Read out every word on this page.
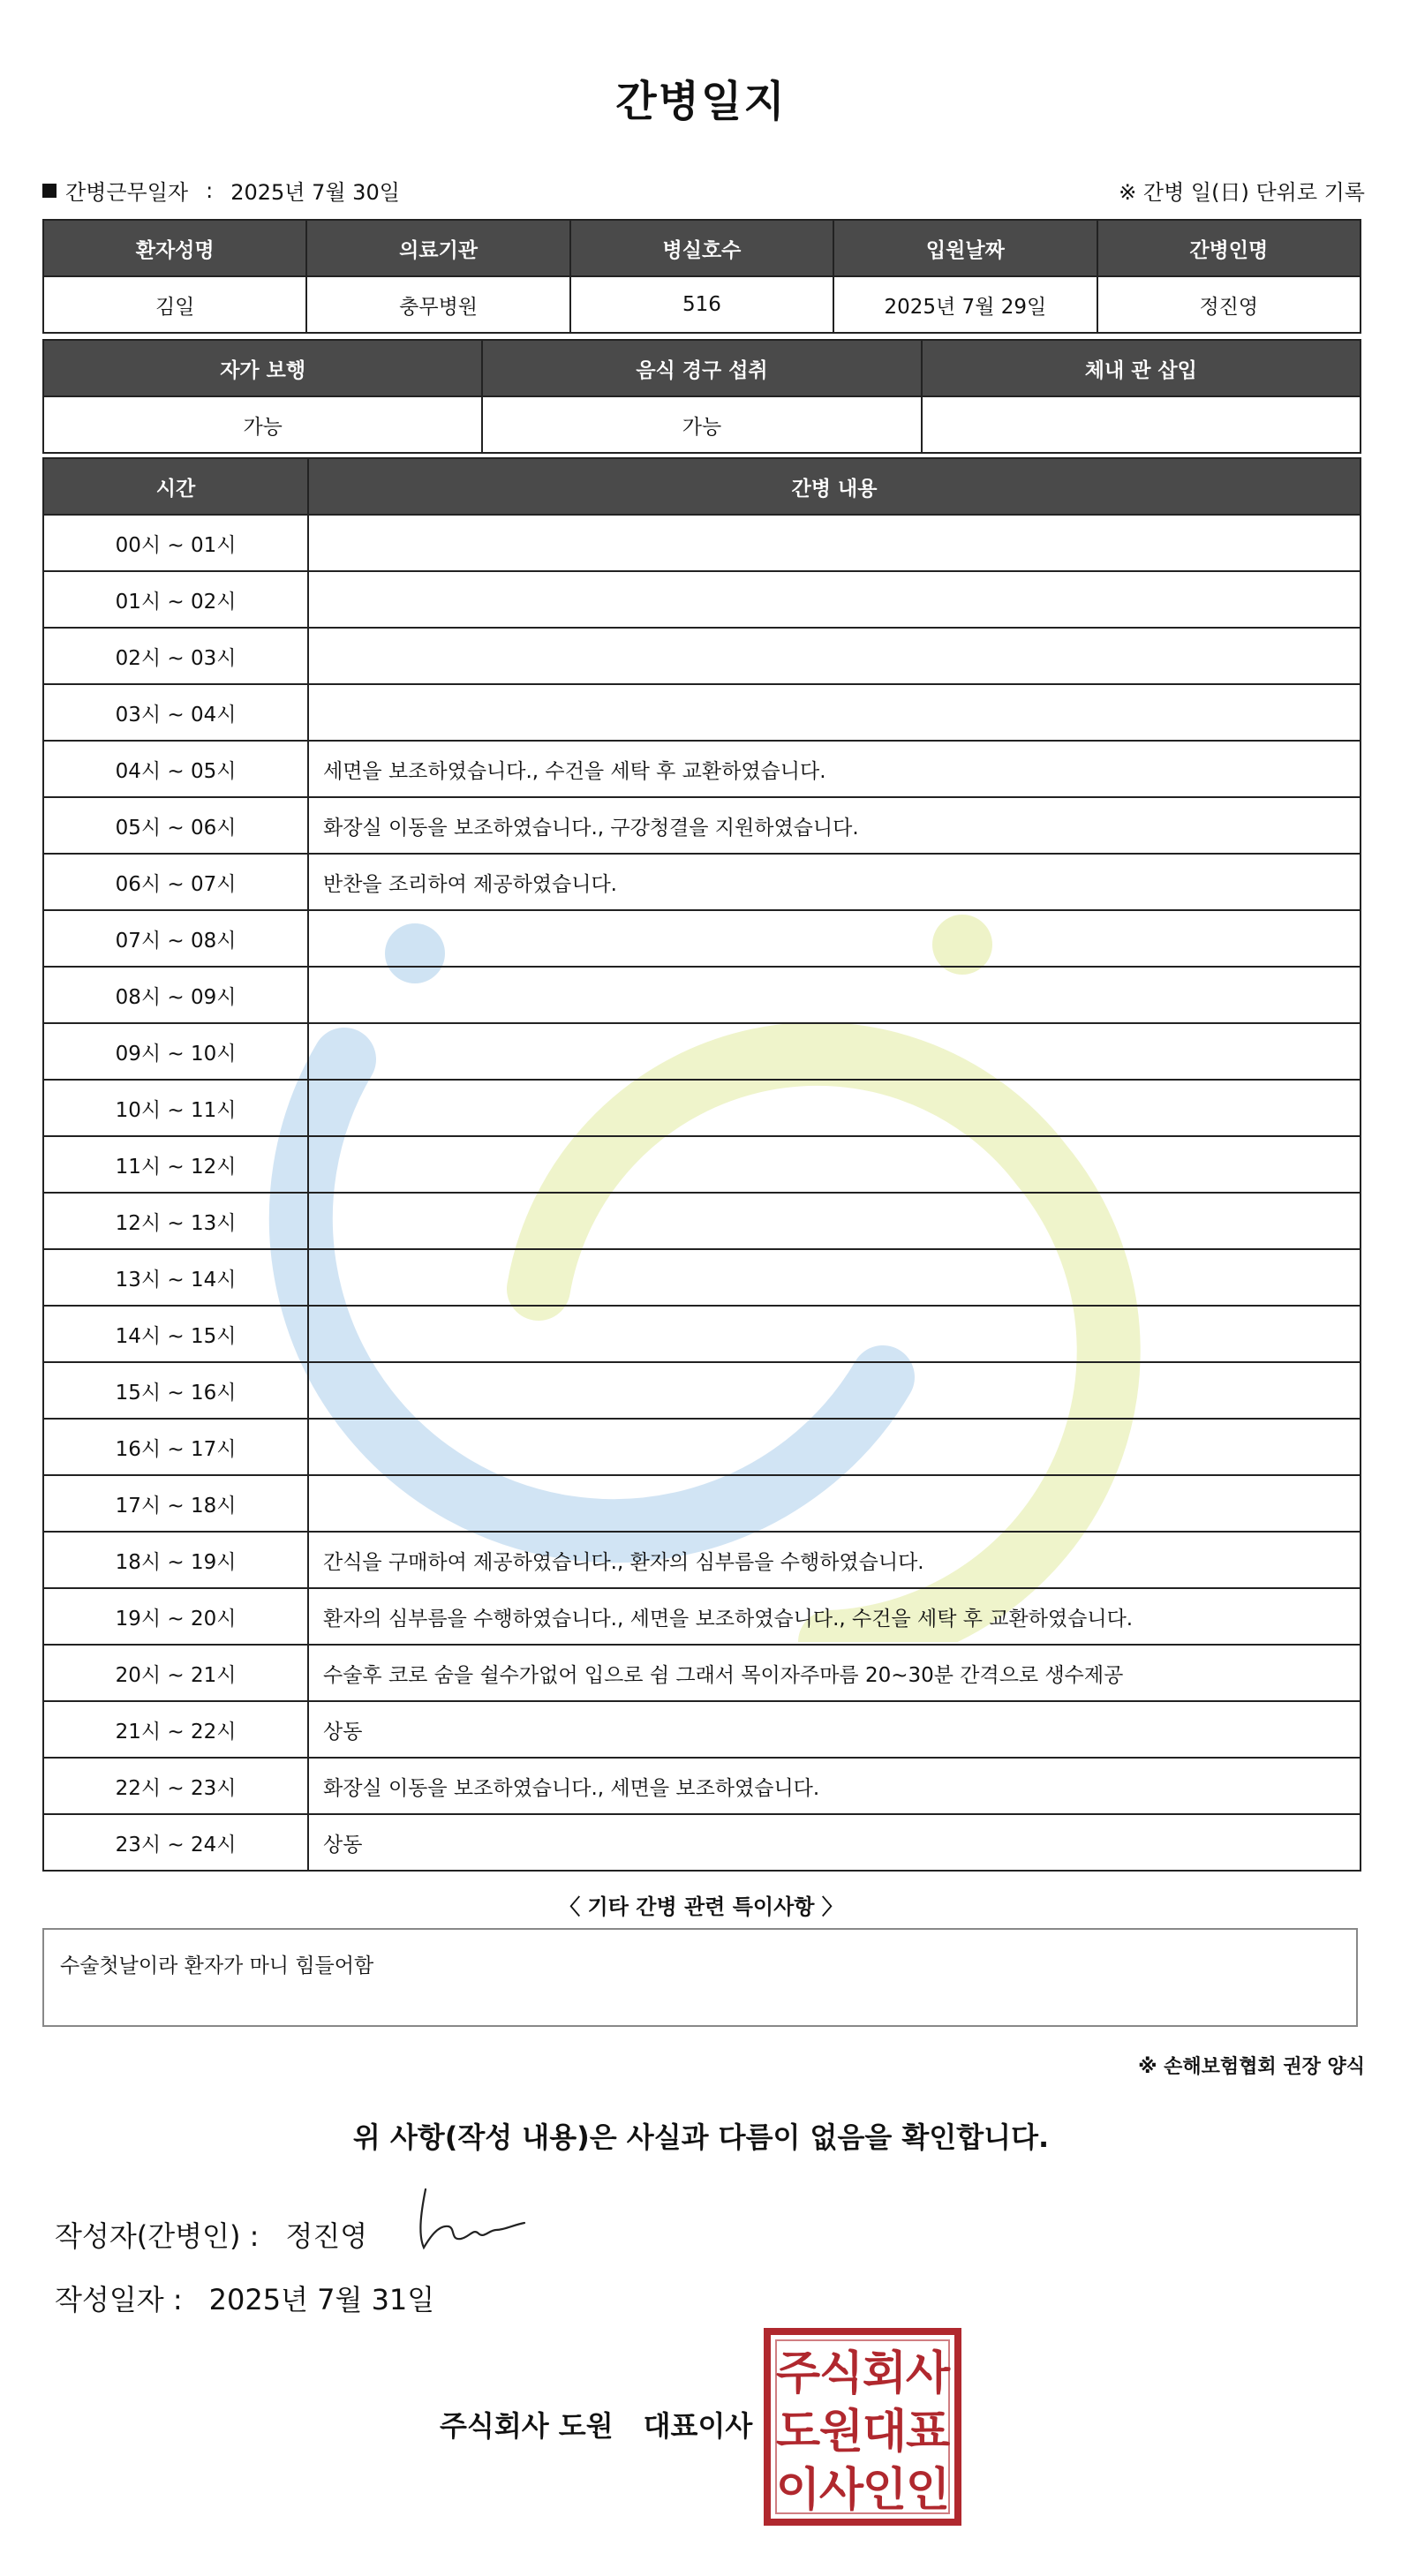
간병일지
간병근무일자 : 2025년 7월 30일	※ 간병 일(日) 단위로 기록
환자성명	의료기관	병실호수	입원날짜	간병인명
김일	충무병원	516	2025년 7월 29일	정진영
자가 보행	음식 경구 섭취	체내 관 삽입
가능	가능	
시간	간병 내용
00시 ~ 01시	
01시 ~ 02시	
02시 ~ 03시	
03시 ~ 04시	
04시 ~ 05시	세면을 보조하였습니다., 수건을 세탁 후 교환하였습니다.
05시 ~ 06시	화장실 이동을 보조하였습니다., 구강청결을 지원하였습니다.
06시 ~ 07시	반찬을 조리하여 제공하였습니다.
07시 ~ 08시	
08시 ~ 09시	
09시 ~ 10시	
10시 ~ 11시	
11시 ~ 12시	
12시 ~ 13시	
13시 ~ 14시	
14시 ~ 15시	
15시 ~ 16시	
16시 ~ 17시	
17시 ~ 18시	
18시 ~ 19시	간식을 구매하여 제공하였습니다., 환자의 심부름을 수행하였습니다.
19시 ~ 20시	환자의 심부름을 수행하였습니다., 세면을 보조하였습니다., 수건을 세탁 후 교환하였습니다.
20시 ~ 21시	수술후 코로 숨을 쉴수가없어 입으로 쉼 그래서 목이자주마름 20~30분 간격으로 생수제공
21시 ~ 22시	상동
22시 ~ 23시	화장실 이동을 보조하였습니다., 세면을 보조하였습니다.
23시 ~ 24시	상동
〈 기타 간병 관련 특이사항 〉
수술첫날이라 환자가 마니 힘들어함
※ 손해보험협회 권장 양식
위 사항(작성 내용)은 사실과 다름이 없음을 확인합니다.
작성자(간병인) : 정진영
작성일자 : 2025년 7월 31일
주식회사 도원 대표이사
주
식
회
사
도
원
대
표
이
사
인
인
